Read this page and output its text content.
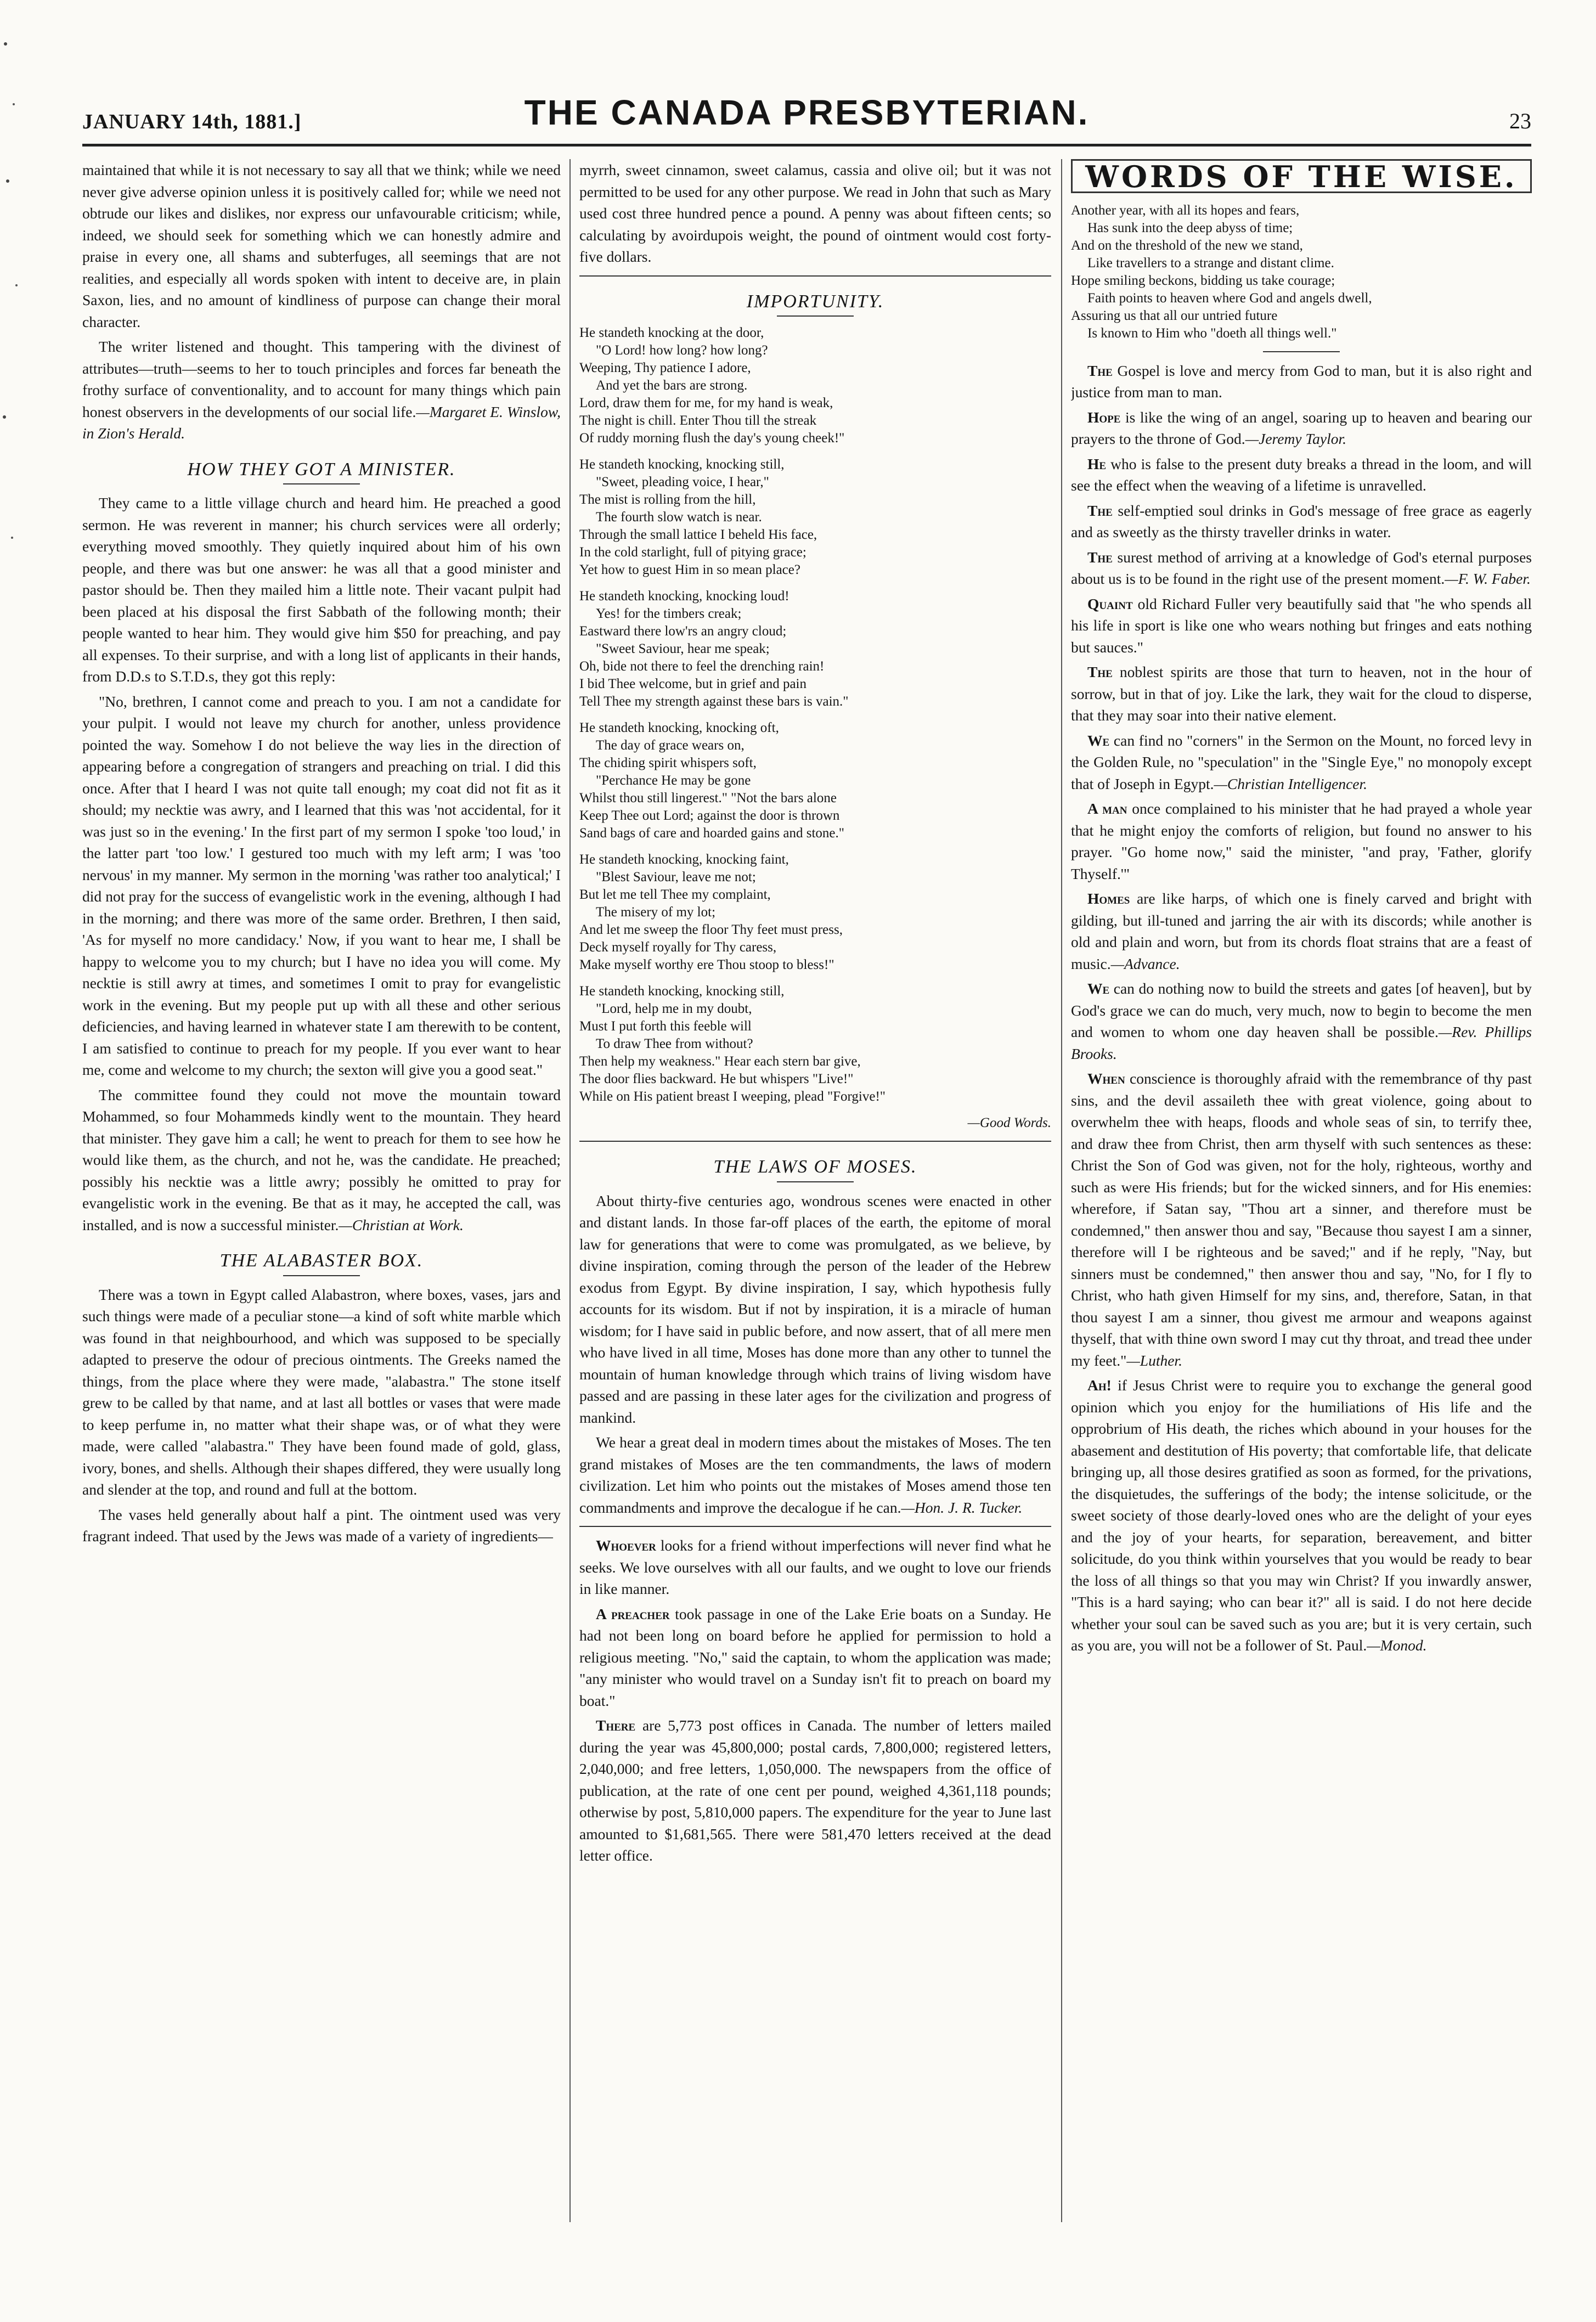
JANUARY 14th, 1881.]	THE CANADA PRESBYTERIAN.	23

maintained that while it is not necessary to say all that we think; while we need never give adverse opinion unless it is positively called for; while we need not obtrude our likes and dislikes, nor express our unfavourable criticism; while, indeed, we should seek for something which we can honestly admire and praise in every one, all shams and subterfuges, all seemings that are not realities, and especially all words spoken with intent to deceive are, in plain Saxon, lies, and no amount of kindliness of purpose can change their moral character.

The writer listened and thought. This tampering with the divinest of attributes—truth—seems to her to touch principles and forces far beneath the frothy surface of conventionality, and to account for many things which pain honest observers in the developments of our social life.—Margaret E. Winslow, in Zion's Herald.

HOW THEY GOT A MINISTER.

They came to a little village church and heard him. He preached a good sermon. He was reverent in manner; his church services were all orderly; everything moved smoothly. They quietly inquired about him of his own people, and there was but one answer: he was all that a good minister and pastor should be. Then they mailed him a little note. Their vacant pulpit had been placed at his disposal the first Sabbath of the following month; their people wanted to hear him. They would give him $50 for preaching, and pay all expenses. To their surprise, and with a long list of applicants in their hands, from D.D.s to S.T.D.s, they got this reply:

"No, brethren, I cannot come and preach to you. I am not a candidate for your pulpit. I would not leave my church for another, unless providence pointed the way. Somehow I do not believe the way lies in the direction of appearing before a congregation of strangers and preaching on trial. I did this once. After that I heard I was not quite tall enough; my coat did not fit as it should; my necktie was awry, and I learned that this was 'not accidental, for it was just so in the evening.' In the first part of my sermon I spoke 'too loud,' in the latter part 'too low.' I gestured too much with my left arm; I was 'too nervous' in my manner. My sermon in the morning 'was rather too analytical;' I did not pray for the success of evangelistic work in the evening, although I had in the morning; and there was more of the same order. Brethren, I then said, 'As for myself no more candidacy.' Now, if you want to hear me, I shall be happy to welcome you to my church; but I have no idea you will come. My necktie is still awry at times, and sometimes I omit to pray for evangelistic work in the evening. But my people put up with all these and other serious deficiencies, and having learned in whatever state I am therewith to be content, I am satisfied to continue to preach for my people. If you ever want to hear me, come and welcome to my church; the sexton will give you a good seat."

The committee found they could not move the mountain toward Mohammed, so four Mohammeds kindly went to the mountain. They heard that minister. They gave him a call; he went to preach for them to see how he would like them, as the church, and not he, was the candidate. He preached; possibly his necktie was a little awry; possibly he omitted to pray for evangelistic work in the evening. Be that as it may, he accepted the call, was installed, and is now a successful minister.—Christian at Work.

THE ALABASTER BOX.

There was a town in Egypt called Alabastron, where boxes, vases, jars and such things were made of a peculiar stone—a kind of soft white marble which was found in that neighbourhood, and which was supposed to be specially adapted to preserve the odour of precious ointments. The Greeks named the things, from the place where they were made, "alabastra." The stone itself grew to be called by that name, and at last all bottles or vases that were made to keep perfume in, no matter what their shape was, or of what they were made, were called "alabastra." They have been found made of gold, glass, ivory, bones, and shells. Although their shapes differed, they were usually long and slender at the top, and round and full at the bottom.

The vases held generally about half a pint. The ointment used was very fragrant indeed. That used by the Jews was made of a variety of ingredients—

myrrh, sweet cinnamon, sweet calamus, cassia and olive oil; but it was not permitted to be used for any other purpose. We read in John that such as Mary used cost three hundred pence a pound. A penny was about fifteen cents; so calculating by avoirdupois weight, the pound of ointment would cost forty-five dollars.

IMPORTUNITY.
He standeth knocking at the door,
"O Lord! how long? how long?
Weeping, Thy patience I adore,
And yet the bars are strong.
Lord, draw them for me, for my hand is weak,
The night is chill. Enter Thou till the streak
Of ruddy morning flush the day's young cheek!"
He standeth knocking, knocking still,
"Sweet, pleading voice, I hear,"
The mist is rolling from the hill,
The fourth slow watch is near.
Through the small lattice I beheld His face,
In the cold starlight, full of pitying grace;
Yet how to guest Him in so mean place?
He standeth knocking, knocking loud!
Yes! for the timbers creak;
Eastward there low'rs an angry cloud;
"Sweet Saviour, hear me speak;
Oh, bide not there to feel the drenching rain!
I bid Thee welcome, but in grief and pain
Tell Thee my strength against these bars is vain."
He standeth knocking, knocking oft,
The day of grace wears on,
The chiding spirit whispers soft,
"Perchance He may be gone
Whilst thou still lingerest." "Not the bars alone
Keep Thee out Lord; against the door is thrown
Sand bags of care and hoarded gains and stone."
He standeth knocking, knocking faint,
"Blest Saviour, leave me not;
But let me tell Thee my complaint,
The misery of my lot;
And let me sweep the floor Thy feet must press,
Deck myself royally for Thy caress,
Make myself worthy ere Thou stoop to bless!"
He standeth knocking, knocking still,
"Lord, help me in my doubt,
Must I put forth this feeble will
To draw Thee from without?
Then help my weakness." Hear each stern bar give,
The door flies backward. He but whispers "Live!"
While on His patient breast I weeping, plead "Forgive!"
—Good Words.
THE LAWS OF MOSES.

About thirty-five centuries ago, wondrous scenes were enacted in other and distant lands. In those far-off places of the earth, the epitome of moral law for generations that were to come was promulgated, as we believe, by divine inspiration, coming through the person of the leader of the Hebrew exodus from Egypt. By divine inspiration, I say, which hypothesis fully accounts for its wisdom. But if not by inspiration, it is a miracle of human wisdom; for I have said in public before, and now assert, that of all mere men who have lived in all time, Moses has done more than any other to tunnel the mountain of human knowledge through which trains of living wisdom have passed and are passing in these later ages for the civilization and progress of mankind.

We hear a great deal in modern times about the mistakes of Moses. The ten grand mistakes of Moses are the ten commandments, the laws of modern civilization. Let him who points out the mistakes of Moses amend those ten commandments and improve the decalogue if he can.—Hon. J. R. Tucker.

Whoever looks for a friend without imperfections will never find what he seeks. We love ourselves with all our faults, and we ought to love our friends in like manner.

A preacher took passage in one of the Lake Erie boats on a Sunday. He had not been long on board before he applied for permission to hold a religious meeting. "No," said the captain, to whom the application was made; "any minister who would travel on a Sunday isn't fit to preach on board my boat."

There are 5,773 post offices in Canada. The number of letters mailed during the year was 45,800,000; postal cards, 7,800,000; registered letters, 2,040,000; and free letters, 1,050,000. The newspapers from the office of publication, at the rate of one cent per pound, weighed 4,361,118 pounds; otherwise by post, 5,810,000 papers. The expenditure for the year to June last amounted to $1,681,565. There were 581,470 letters received at the dead letter office.

WORDS OF THE WISE.
Another year, with all its hopes and fears,
Has sunk into the deep abyss of time;
And on the threshold of the new we stand,
Like travellers to a strange and distant clime.
Hope smiling beckons, bidding us take courage;
Faith points to heaven where God and angels dwell,
Assuring us that all our untried future
Is known to Him who "doeth all things well."

The Gospel is love and mercy from God to man, but it is also right and justice from man to man.

Hope is like the wing of an angel, soaring up to heaven and bearing our prayers to the throne of God.—Jeremy Taylor.

He who is false to the present duty breaks a thread in the loom, and will see the effect when the weaving of a lifetime is unravelled.

The self-emptied soul drinks in God's message of free grace as eagerly and as sweetly as the thirsty traveller drinks in water.

The surest method of arriving at a knowledge of God's eternal purposes about us is to be found in the right use of the present moment.—F. W. Faber.

Quaint old Richard Fuller very beautifully said that "he who spends all his life in sport is like one who wears nothing but fringes and eats nothing but sauces."

The noblest spirits are those that turn to heaven, not in the hour of sorrow, but in that of joy. Like the lark, they wait for the cloud to disperse, that they may soar into their native element.

We can find no "corners" in the Sermon on the Mount, no forced levy in the Golden Rule, no "speculation" in the "Single Eye," no monopoly except that of Joseph in Egypt.—Christian Intelligencer.

A man once complained to his minister that he had prayed a whole year that he might enjoy the comforts of religion, but found no answer to his prayer. "Go home now," said the minister, "and pray, 'Father, glorify Thyself.'"

Homes are like harps, of which one is finely carved and bright with gilding, but ill-tuned and jarring the air with its discords; while another is old and plain and worn, but from its chords float strains that are a feast of music.—Advance.

We can do nothing now to build the streets and gates [of heaven], but by God's grace we can do much, very much, now to begin to become the men and women to whom one day heaven shall be possible.—Rev. Phillips Brooks.

When conscience is thoroughly afraid with the remembrance of thy past sins, and the devil assaileth thee with great violence, going about to overwhelm thee with heaps, floods and whole seas of sin, to terrify thee, and draw thee from Christ, then arm thyself with such sentences as these: Christ the Son of God was given, not for the holy, righteous, worthy and such as were His friends; but for the wicked sinners, and for His enemies: wherefore, if Satan say, "Thou art a sinner, and therefore must be condemned," then answer thou and say, "Because thou sayest I am a sinner, therefore will I be righteous and be saved;" and if he reply, "Nay, but sinners must be condemned," then answer thou and say, "No, for I fly to Christ, who hath given Himself for my sins, and, therefore, Satan, in that thou sayest I am a sinner, thou givest me armour and weapons against thyself, that with thine own sword I may cut thy throat, and tread thee under my feet."—Luther.

Ah! if Jesus Christ were to require you to exchange the general good opinion which you enjoy for the humiliations of His life and the opprobrium of His death, the riches which abound in your houses for the abasement and destitution of His poverty; that comfortable life, that delicate bringing up, all those desires gratified as soon as formed, for the privations, the disquietudes, the sufferings of the body; the intense solicitude, or the sweet society of those dearly-loved ones who are the delight of your eyes and the joy of your hearts, for separation, bereavement, and bitter solicitude, do you think within yourselves that you would be ready to bear the loss of all things so that you may win Christ? If you inwardly answer, "This is a hard saying; who can bear it?" all is said. I do not here decide whether your soul can be saved such as you are; but it is very certain, such as you are, you will not be a follower of St. Paul.—Monod.
